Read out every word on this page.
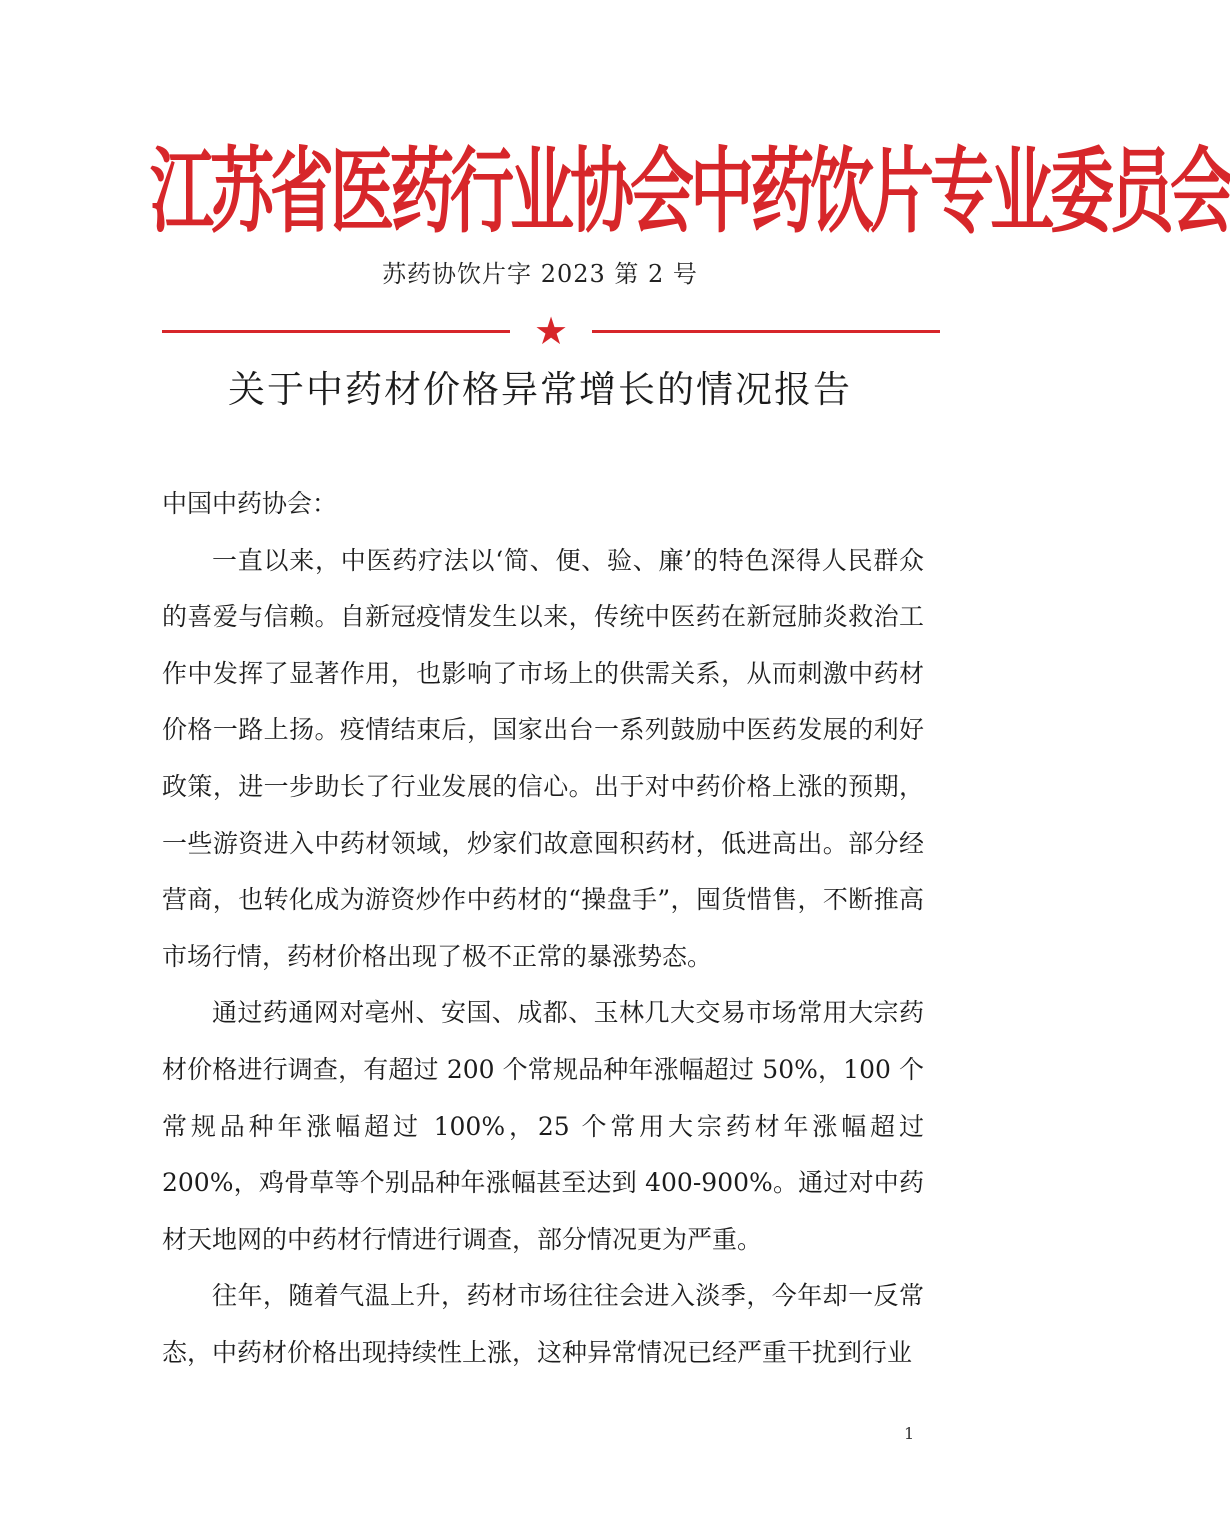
江苏省医药行业协会中药饮片专业委员会
苏药协饮片字 2023 第 2 号
★
关于中药材价格异常增长的情况报告

中国中药协会：

一直以来，中医药疗法以‘简、便、验、廉’的特色深得人民群众的喜爱与信赖。自新冠疫情发生以来，传统中医药在新冠肺炎救治工作中发挥了显著作用，也影响了市场上的供需关系，从而刺激中药材价格一路上扬。疫情结束后，国家出台一系列鼓励中医药发展的利好政策，进一步助长了行业发展的信心。出于对中药价格上涨的预期，一些游资进入中药材领域，炒家们故意囤积药材，低进高出。部分经营商，也转化成为游资炒作中药材的“操盘手”，囤货惜售，不断推高市场行情，药材价格出现了极不正常的暴涨势态。

通过药通网对亳州、安国、成都、玉林几大交易市场常用大宗药材价格进行调查，有超过 200 个常规品种年涨幅超过 50%，100 个常规品种年涨幅超过 100%，25 个常用大宗药材年涨幅超过 200%，鸡骨草等个别品种年涨幅甚至达到 400-900%。通过对中药材天地网的中药材行情进行调查，部分情况更为严重。

往年，随着气温上升，药材市场往往会进入淡季，今年却一反常态，中药材价格出现持续性上涨，这种异常情况已经严重干扰到行业

1
